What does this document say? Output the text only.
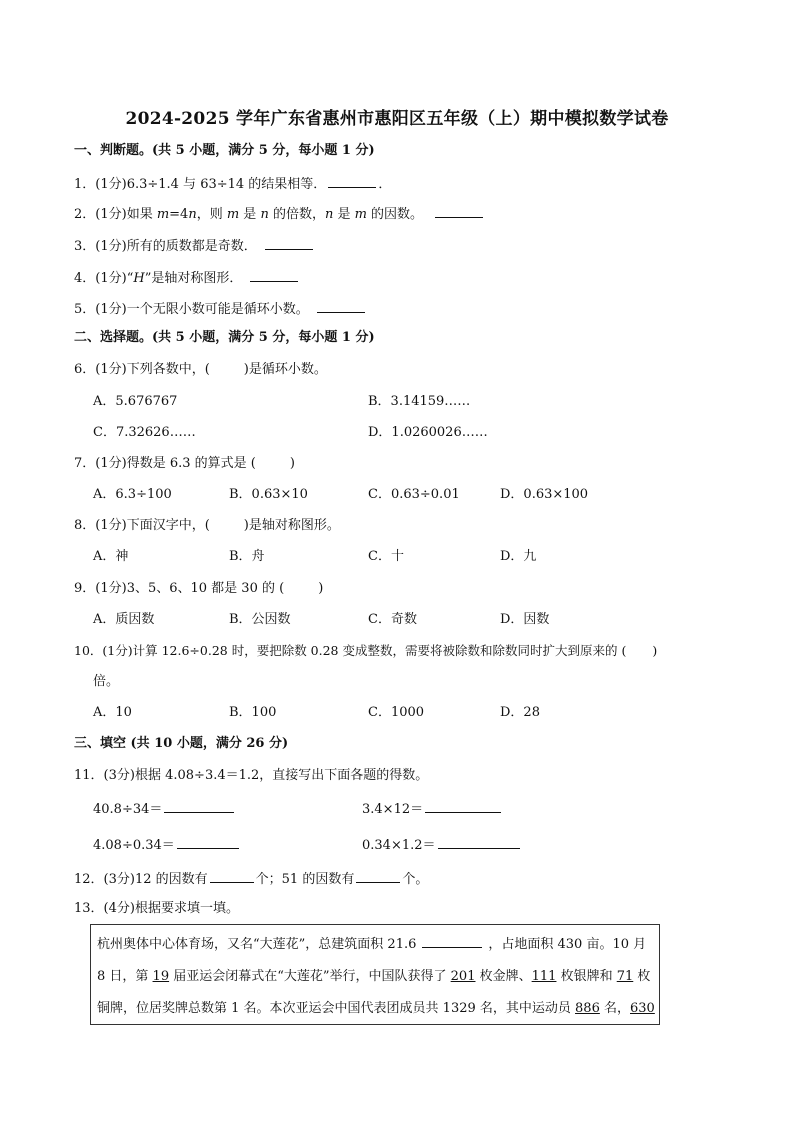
2024-2025 学年广东省惠州市惠阳区五年级（上）期中模拟数学试卷
一、判断题。(共 5 小题，满分 5 分，每小题 1 分)
1．(1分)6.3÷1.4 与 63÷14 的结果相等．	．
2．(1分)如果 m=4n，则 m 是 n 的倍数，n 是 m 的因数。
3．(1分)所有的质数都是奇数．
4．(1分)“H”是轴对称图形．
5．(1分)一个无限小数可能是循环小数。
二、选择题。(共 5 小题，满分 5 分，每小题 1 分)
6．(1分)下列各数中，(	)是循环小数。
A．5.676767	B．3.14159……
C．7.32626……	D．1.0260026……
7．(1分)得数是 6.3 的算式是 (	)
A．6.3÷100	B．0.63×10	C．0.63÷0.01	D．0.63×100
8．(1分)下面汉字中，(	)是轴对称图形。
A．神	B．舟	C．十	D．九
9．(1分)3、5、6、10 都是 30 的 (	)
A．质因数	B．公因数	C．奇数	D．因数
10．(1分)计算 12.6÷0.28 时，要把除数 0.28 变成整数，需要将被除数和除数同时扩大到原来的 ( )
倍。
A．10	B．100	C．1000	D．28
三、填空 (共 10 小题，满分 26 分)
11．(3分)根据 4.08÷3.4＝1.2，直接写出下面各题的得数。
40.8÷34＝	3.4×12＝
4.08÷0.34＝	0.34×1.2＝
12．(3分)12 的因数有	个；51 的因数有	个。
13．(4分)根据要求填一填。
杭州奥体中心体育场，又名“大莲花”，总建筑面积 21.6	，占地面积 430 亩。10 月
8 日，第 19 届亚运会闭幕式在“大莲花”举行，中国队获得了 201 枚金牌、111 枚银牌和 71 枚
铜牌，位居奖牌总数第 1 名。本次亚运会中国代表团成员共 1329 名，其中运动员 886 名，630
